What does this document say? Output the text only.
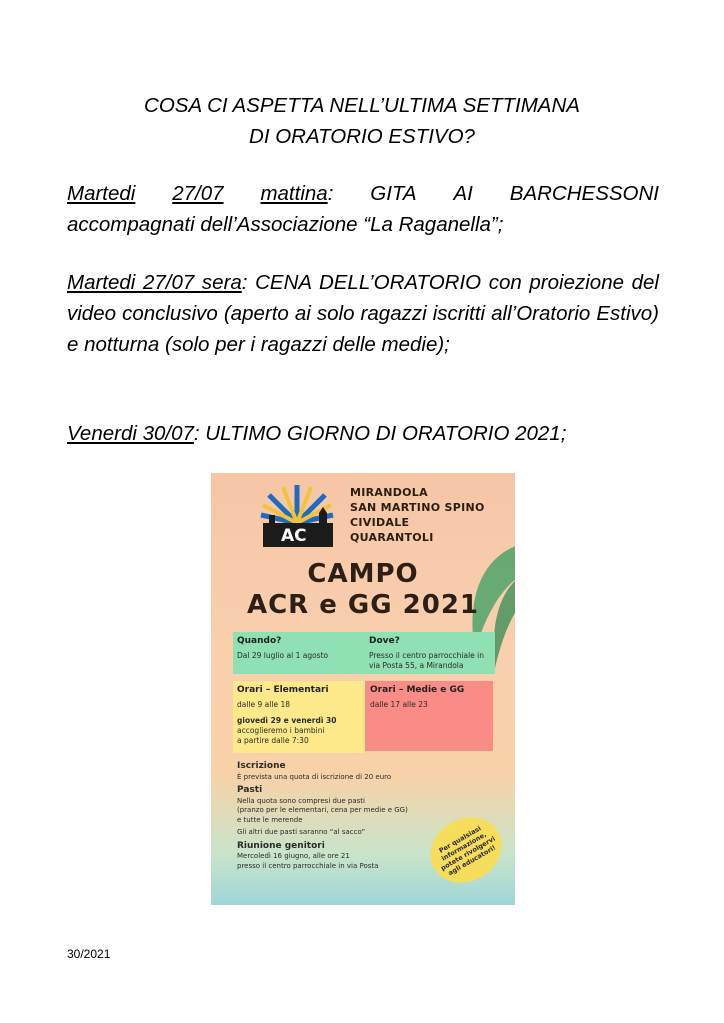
COSA CI ASPETTA NELL’ULTIMA SETTIMANA
DI ORATORIO ESTIVO?
Martedi 27/07 mattina: GITA AI BARCHESSONI
accompagnati dell’Associazione “La Raganella”;
Martedi 27/07 sera: CENA DELL’ORATORIO con proiezione del video conclusivo (aperto ai solo ragazzi iscritti all’Oratorio Estivo) e notturna (solo per i ragazzi delle medie);
Venerdi 30/07: ULTIMO GIORNO DI ORATORIO 2021;
AC
MIRANDOLA
SAN MARTINO SPINO
CIVIDALE
QUARANTOLI
CAMPO
ACR e GG 2021
Quando?
Dal 29 luglio al 1 agosto
Dove?
Presso il centro parrocchiale in via Posta 55, a Mirandola
Orari – Elementari
dalle 9 alle 18
giovedì 29 e venerdì 30
accoglieremo i bambini
a partire dalle 7:30
Orari – Medie e GG
dalle 17 alle 23
Iscrizione
È prevista una quota di iscrizione di 20 euro
Pasti
Nella quota sono compresi due pasti
(pranzo per le elementari, cena per medie e GG)
e tutte le merende
Gli altri due pasti saranno “al sacco”
Riunione genitori
Mercoledì 16 giugno, alle ore 21
presso il centro parrocchiale in via Posta
Per qualsiasi informazione, potete rivolgervi agli educatori!
30/2021
